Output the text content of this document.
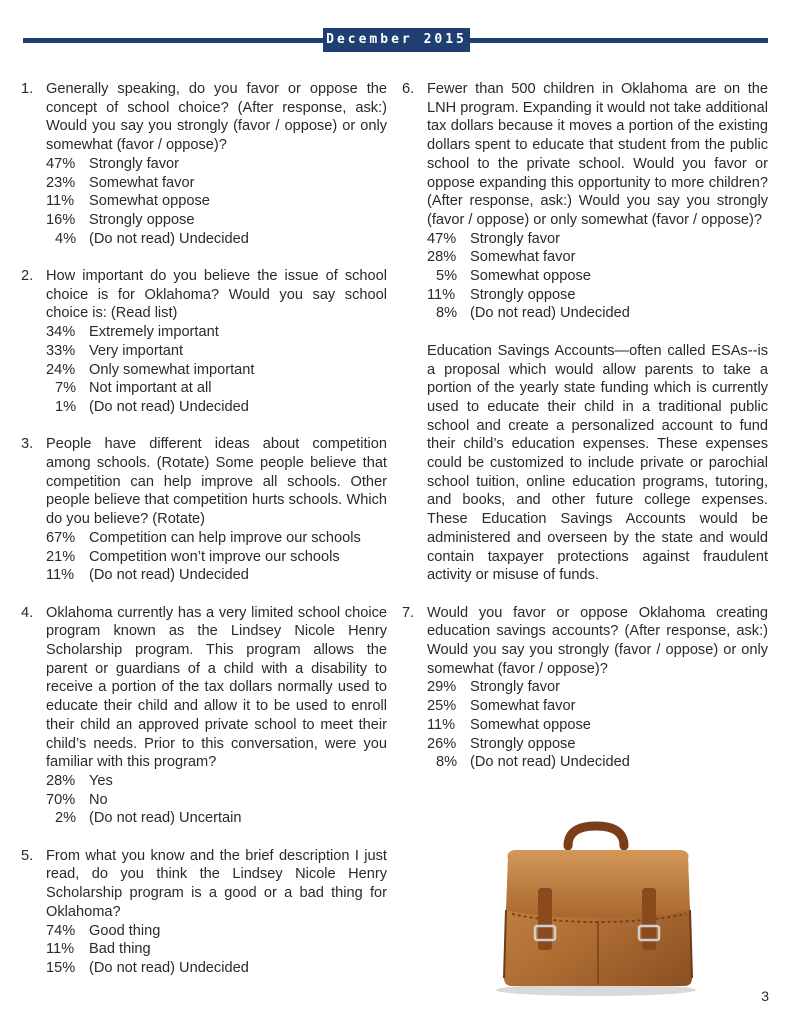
December 2015
1. Generally speaking, do you favor or oppose the concept of school choice? (After response, ask:) Would you say you strongly (favor / oppose) or only somewhat (favor / oppose)?
47% Strongly favor
23% Somewhat favor
11%	Somewhat oppose
16% Strongly oppose
4% (Do not read) Undecided
2. How important do you believe the issue of school choice is for Oklahoma? Would you say school choice is: (Read list)
34% Extremely important
33% Very important
24% Only somewhat important
7% Not important at all
1% (Do not read) Undecided
3. People have different ideas about competition among schools. (Rotate) Some people believe that competition can help improve all schools. Other people believe that competition hurts schools. Which do you believe? (Rotate)
67% Competition can help improve our schools
21% Competition won’t improve our schools
11%	(Do not read) Undecided
4. Oklahoma currently has a very limited school choice program known as the Lindsey Nicole Henry Scholarship program. This program allows the parent or guardians of a child with a disability to receive a portion of the tax dollars normally used to educate their child and allow it to be used to enroll their child an approved private school to meet their child’s needs. Prior to this conversation, were you familiar with this program?
28% Yes
70% No
2% (Do not read) Uncertain
5. From what you know and the brief description I just read, do you think the Lindsey Nicole Henry Scholarship program is a good or a bad thing for Oklahoma?
74% Good thing
11%	Bad thing
15% (Do not read) Undecided
6. Fewer than 500 children in Oklahoma are on the LNH program. Expanding it would not take additional tax dollars because it moves a portion of the existing dollars spent to educate that student from the public school to the private school. Would you favor or oppose expanding this opportunity to more children? (After response, ask:) Would you say you strongly (favor / oppose) or only somewhat (favor / oppose)?
47% Strongly favor
28% Somewhat favor
5% Somewhat oppose
11%	Strongly oppose
8% (Do not read) Undecided
Education Savings Accounts—often called ESAs--is a proposal which would allow parents to take a portion of the yearly state funding which is currently used to educate their child in a traditional public school and create a personalized account to fund their child’s education expenses. These expenses could be customized to include private or parochial school tuition, online education programs, tutoring, and books, and other future college expenses. These Education Savings Accounts would be administered and overseen by the state and would contain taxpayer protections against fraudulent activity or misuse of funds.
7. Would you favor or oppose Oklahoma creating education savings accounts? (After response, ask:) Would you say you strongly (favor / oppose) or only somewhat (favor / oppose)?
29% Strongly favor
25% Somewhat favor
11%	Somewhat oppose
26% Strongly oppose
8% (Do not read) Undecided
3
